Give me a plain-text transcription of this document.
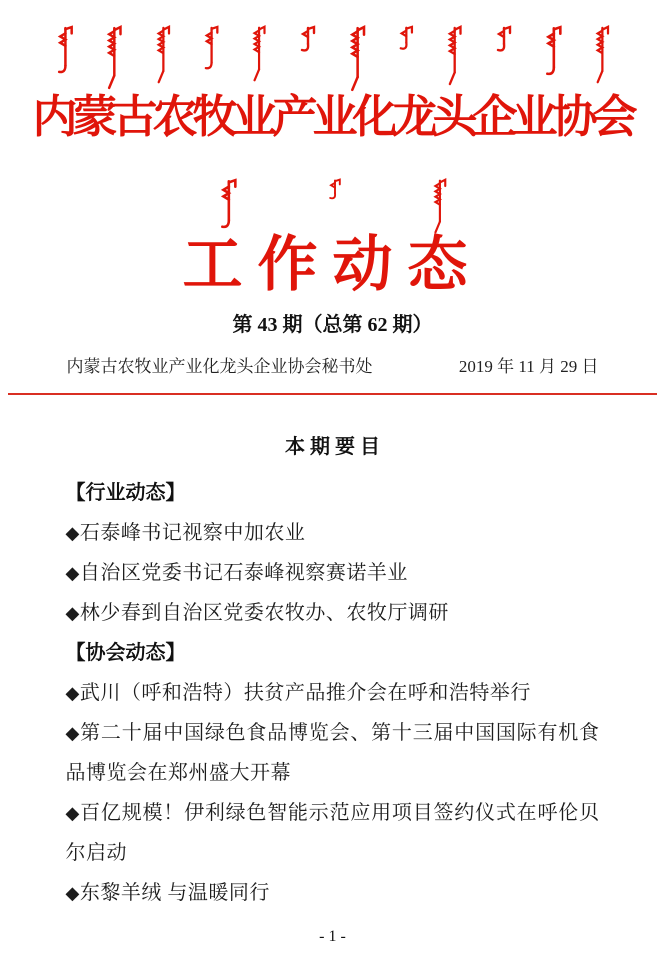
内蒙古农牧业产业化龙头企业协会
工作动态
第 43 期（总第 62 期）
内蒙古农牧业产业化龙头企业协会秘书处	2019 年 11 月 29 日
本 期 要 目

【行业动态】

◆石泰峰书记视察中加农业

◆自治区党委书记石泰峰视察赛诺羊业

◆林少春到自治区党委农牧办、农牧厅调研

【协会动态】

◆武川（呼和浩特）扶贫产品推介会在呼和浩特举行

◆第二十届中国绿色食品博览会、第十三届中国国际有机食品博览会在郑州盛大开幕

◆百亿规模！伊利绿色智能示范应用项目签约仪式在呼伦贝尔启动

◆东黎羊绒 与温暖同行

- 1 -
